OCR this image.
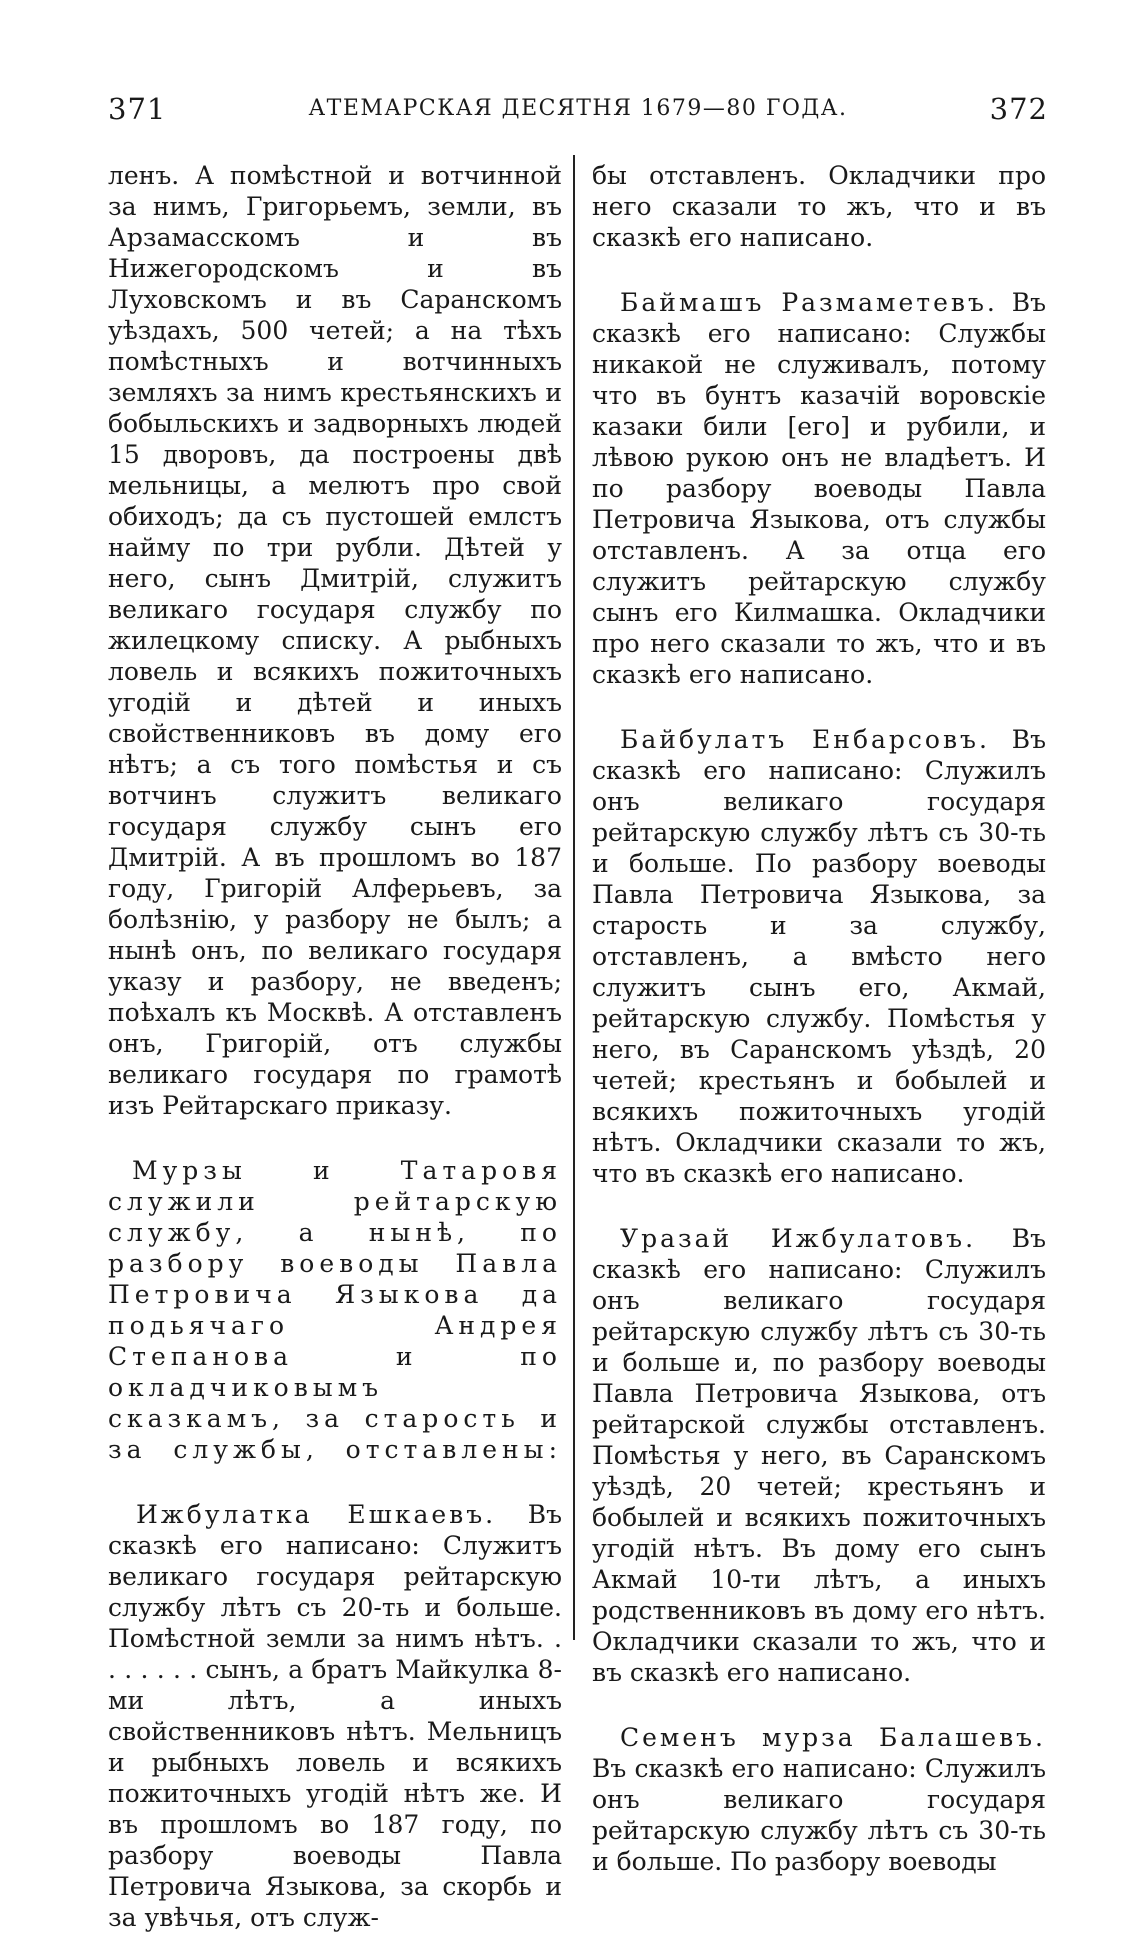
371	АТЕМАРСКАЯ ДЕСЯТНЯ 1679—80 ГОДА.	372

ленъ. А помѣстной и вотчинной за нимъ, Григорьемъ, земли, въ Арзамасскомъ и въ Нижегородскомъ и въ Луховскомъ и въ Саранскомъ уѣздахъ, 500 четей; а на тѣхъ помѣстныхъ и вотчинныхъ земляхъ за нимъ крестьянскихъ и бобыльскихъ и задворныхъ людей 15 дворовъ, да построены двѣ мельницы, а мелютъ про свой обиходъ; да съ пустошей емлстъ найму по три рубли. Дѣтей у него, сынъ Дмитрій, служитъ великаго государя службу по жилецкому списку. А рыбныхъ ловель и всякихъ пожиточныхъ угодій и дѣтей и иныхъ свойственниковъ въ дому его нѣтъ; а съ того помѣстья и съ вотчинъ служитъ великаго государя службу сынъ его Дмитрій. А въ прошломъ во 187 году, Григорій Алферьевъ, за болѣзнію, у разбору не былъ; а нынѣ онъ, по великаго государя указу и разбору, не введенъ; поѣхалъ къ Москвѣ. А отставленъ онъ, Григорій, отъ службы великаго государя по грамотѣ изъ Рейтарскаго приказу.

Мурзы и Татаровя служили рейтарскую службу, а нынѣ, по разбору воеводы Павла Петровича Языкова да подьячаго Андрея Степанова и по окладчиковымъ сказкамъ, за старость и за службы, отставлены:

Ижбулатка Ешкаевъ. Въ сказкѣ его написано: Служитъ великаго государя рейтарскую службу лѣтъ съ 20-ть и больше. Помѣстной земли за нимъ нѣтъ. . . . . . . . сынъ, а братъ Майкулка 8-ми лѣтъ, а иныхъ свойственниковъ нѣтъ. Мельницъ и рыбныхъ ловель и всякихъ пожиточныхъ угодій нѣтъ же. И въ прошломъ во 187 году, по разбору воеводы Павла Петровича Языкова, за скорбь и за увѣчья, отъ служ-

бы отставленъ. Окладчики про него сказали то жъ, что и въ сказкѣ его написано.

Баймашъ Размаметевъ. Въ сказкѣ его написано: Службы никакой не служивалъ, потому что въ бунтъ казачій воровскіе казаки били [его] и рубили, и лѣвою рукою онъ не владѣетъ. И по разбору воеводы Павла Петровича Языкова, отъ службы отставленъ. А за отца его служитъ рейтарскую службу сынъ его Килмашка. Окладчики про него сказали то жъ, что и въ сказкѣ его написано.

Байбулатъ Енбарсовъ. Въ сказкѣ его написано: Служилъ онъ великаго государя рейтарскую службу лѣтъ съ 30-ть и больше. По разбору воеводы Павла Петровича Языкова, за старость и за службу, отставленъ, а вмѣсто него служитъ сынъ его, Акмай, рейтарскую службу. Помѣстья у него, въ Саранскомъ уѣздѣ, 20 четей; крестьянъ и бобылей и всякихъ пожиточныхъ угодій нѣтъ. Окладчики сказали то жъ, что въ сказкѣ его написано.

Уразай Ижбулатовъ. Въ сказкѣ его написано: Служилъ онъ великаго государя рейтарскую службу лѣтъ съ 30-ть и больше и, по разбору воеводы Павла Петровича Языкова, отъ рейтарской службы отставленъ. Помѣстья у него, въ Саранскомъ уѣздѣ, 20 четей; крестьянъ и бобылей и всякихъ пожиточныхъ угодій нѣтъ. Въ дому его сынъ Акмай 10-ти лѣтъ, а иныхъ родственниковъ въ дому его нѣтъ. Окладчики сказали то жъ, что и въ сказкѣ его написано.

Семенъ мурза Балашевъ. Въ сказкѣ его написано: Служилъ онъ великаго государя рейтарскую службу лѣтъ съ 30-ть и больше. По разбору воеводы
